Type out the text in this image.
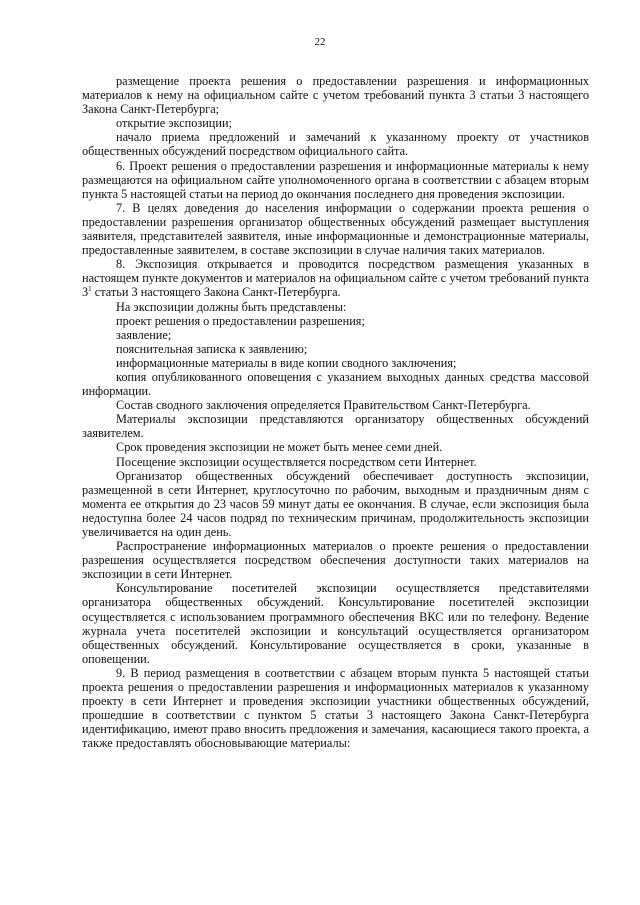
22

размещение проекта решения о предоставлении разрешения и информационных материалов к нему на официальном сайте с учетом требований пункта 3 статьи 3 настоящего Закона Санкт-Петербурга;

открытие экспозиции;

начало приема предложений и замечаний к указанному проекту от участников общественных обсуждений посредством официального сайта.

6. Проект решения о предоставлении разрешения и информационные материалы к нему размещаются на официальном сайте уполномоченного органа в соответствии с абзацем вторым пункта 5 настоящей статьи на период до окончания последнего дня проведения экспозиции.

7. В целях доведения до населения информации о содержании проекта решения о предоставлении разрешения организатор общественных обсуждений размещает выступления заявителя, представителей заявителя, иные информационные и демонстрационные материалы, предоставленные заявителем, в составе экспозиции в случае наличия таких материалов.

8. Экспозиция открывается и проводится посредством размещения указанных в настоящем пункте документов и материалов на официальном сайте с учетом требований пункта $3^1$ статьи 3 настоящего Закона Санкт-Петербурга.

На экспозиции должны быть представлены:

проект решения о предоставлении разрешения;

заявление;

пояснительная записка к заявлению;

информационные материалы в виде копии сводного заключения;

копия опубликованного оповещения с указанием выходных данных средства массовой информации.

Состав сводного заключения определяется Правительством Санкт-Петербурга.

Материалы экспозиции представляются организатору общественных обсуждений заявителем.

Срок проведения экспозиции не может быть менее семи дней.

Посещение экспозиции осуществляется посредством сети Интернет.

Организатор общественных обсуждений обеспечивает доступность экспозиции, размещенной в сети Интернет, круглосуточно по рабочим, выходным и праздничным дням с момента ее открытия до 23 часов 59 минут даты ее окончания. В случае, если экспозиция была недоступна более 24 часов подряд по техническим причинам, продолжительность экспозиции увеличивается на один день.

Распространение информационных материалов о проекте решения о предоставлении разрешения осуществляется посредством обеспечения доступности таких материалов на экспозиции в сети Интернет.

Консультирование посетителей экспозиции осуществляется представителями организатора общественных обсуждений. Консультирование посетителей экспозиции осуществляется с использованием программного обеспечения ВКС или по телефону. Ведение журнала учета посетителей экспозиции и консультаций осуществляется организатором общественных обсуждений. Консультирование осуществляется в сроки, указанные в оповещении.

9. В период размещения в соответствии с абзацем вторым пункта 5 настоящей статьи проекта решения о предоставлении разрешения и информационных материалов к указанному проекту в сети Интернет и проведения экспозиции участники общественных обсуждений, прошедшие в соответствии с пунктом 5 статьи 3 настоящего Закона Санкт-Петербурга идентификацию, имеют право вносить предложения и замечания, касающиеся такого проекта, а также предоставлять обосновывающие материалы:
